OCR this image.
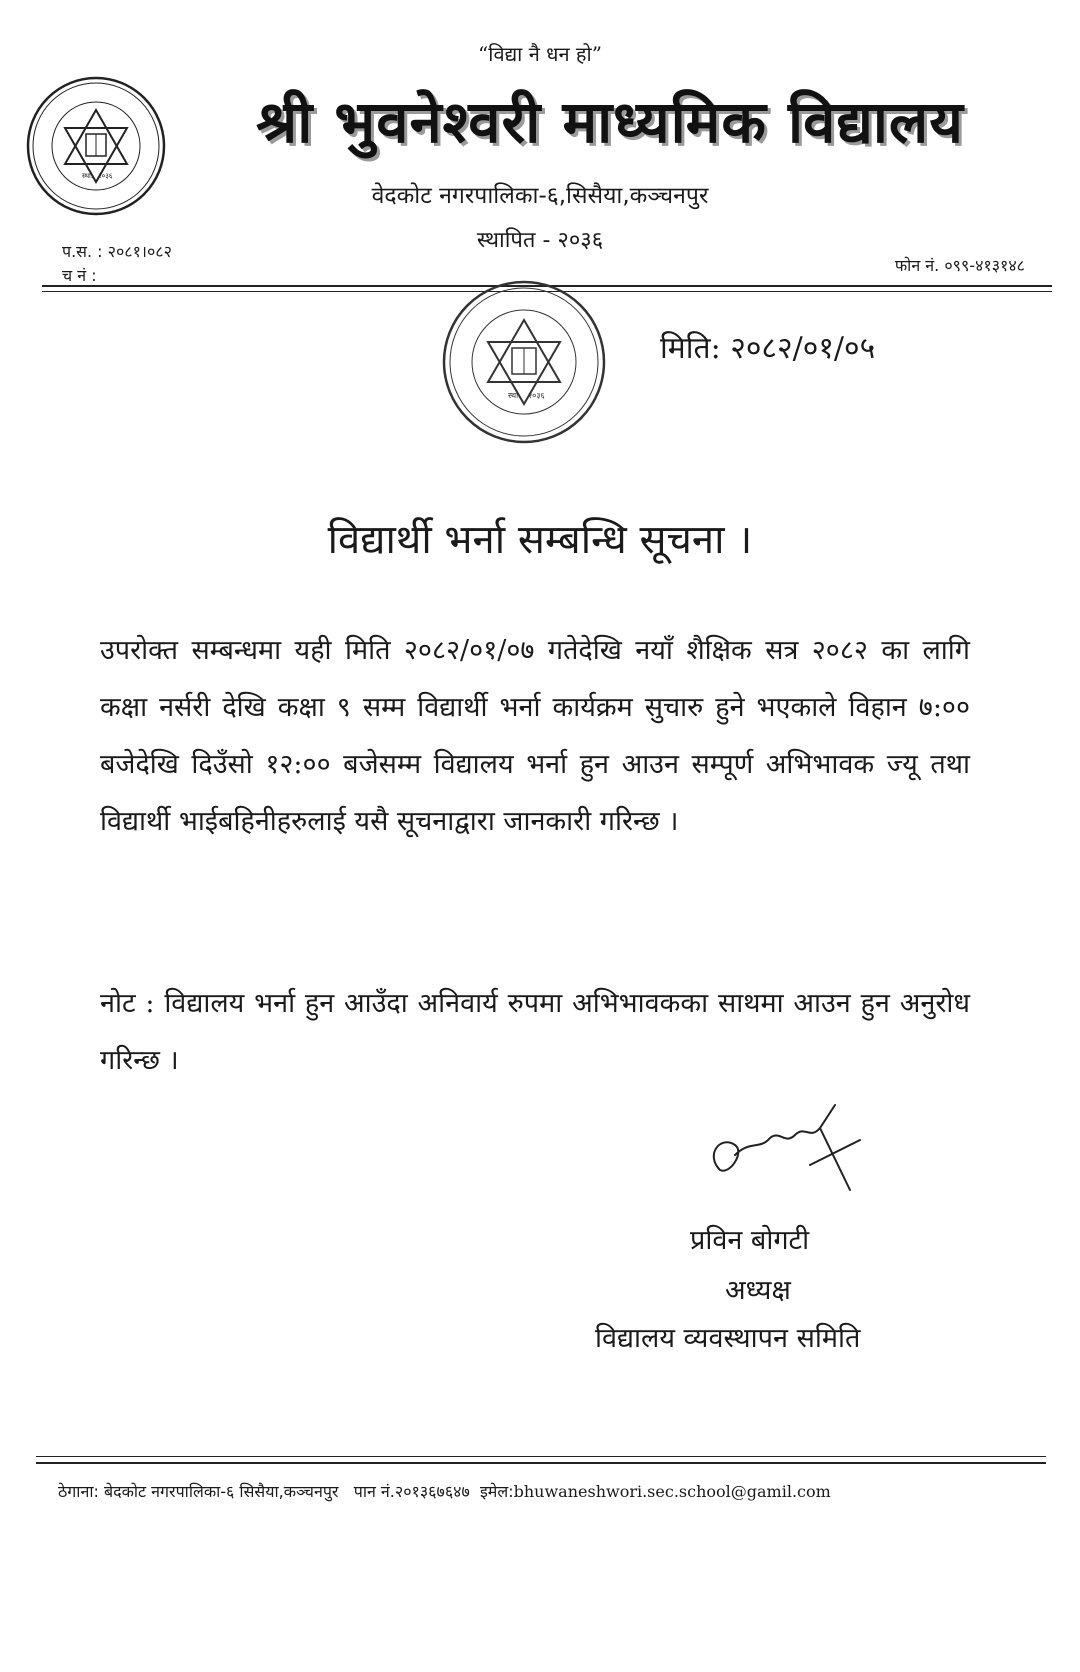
“विद्या नै धन हो”
स्था. २०३६
श्री भुवनेश्वरी माध्यमिक विद्यालय
वेदकोट नगरपालिका-६,सिसैया,कञ्चनपुर
स्थापित - २०३६
प.स. : २०८१।०८२
च नं :
फोन नं. ०९९-४१३१४८
स्था. २०३६
मिति: २०८२/०१/०५
विद्यार्थी भर्ना सम्बन्धि सूचना ।
उपरोक्त सम्बन्धमा यही मिति २०८२/०१/०७ गतेदेखि नयाँ शैक्षिक सत्र २०८२ का लागि कक्षा नर्सरी देखि कक्षा ९ सम्म विद्यार्थी भर्ना कार्यक्रम सुचारु हुने भएकाले विहान ७:०० बजेदेखि दिउँसो १२:०० बजेसम्म विद्यालय भर्ना हुन आउन सम्पूर्ण अभिभावक ज्यू तथा विद्यार्थी भाईबहिनीहरुलाई यसै सूचनाद्वारा जानकारी गरिन्छ ।
नोट : विद्यालय भर्ना हुन आउँदा अनिवार्य रुपमा अभिभावकका साथमा आउन हुन अनुरोध गरिन्छ ।
प्रविन बोगटी
अध्यक्ष
विद्यालय व्यवस्थापन समिति
ठेगाना: बेदकोट नगरपालिका-६ सिसैया,कञ्चनपुर पान नं.२०१३६७६४७ इमेल:bhuwaneshwori.sec.school@gamil.com
